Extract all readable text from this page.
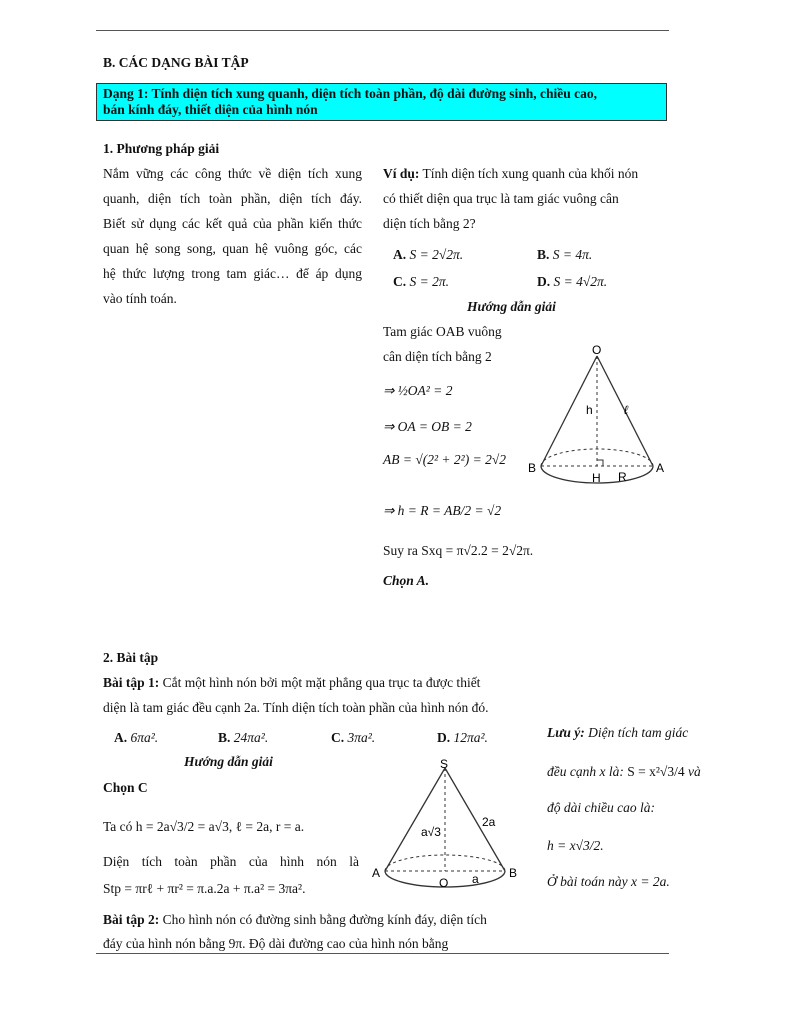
B. CÁC DẠNG BÀI TẬP
Dạng 1: Tính diện tích xung quanh, diện tích toàn phần, độ dài đường sinh, chiều cao,
bán kính đáy, thiết diện của hình nón
1. Phương pháp giải
Nắm vững các công thức về diện tích xung
quanh, diện tích toàn phần, diện tích đáy.
Biết sử dụng các kết quả của phần kiến thức
quan hệ song song, quan hệ vuông góc, các
hệ thức lượng trong tam giác… để áp dụng
vào tính toán.
Ví dụ: Tính diện tích xung quanh của khối nón
có thiết diện qua trục là tam giác vuông cân
diện tích bằng 2?
A. S = 2√2π.	B. S = 4π.
C. S = 2π.	D. S = 4√2π.
Hướng dẫn giải
Tam giác OAB vuông
cân diện tích bằng 2
⇒ ½OA² = 2
⇒ OA = OB = 2
AB = √(2² + 2²) = 2√2
⇒ h = R = AB/2 = √2
Suy ra Sxq = π√2.2 = 2√2π.
Chọn A.
O
h	ℓ
B
H R
A
2. Bài tập
Bài tập 1: Cắt một hình nón bởi một mặt phẳng qua trục ta được thiết
diện là tam giác đều cạnh 2a. Tính diện tích toàn phần của hình nón đó.
A. 6πa².	B. 24πa².	C. 3πa².	D. 12πa².
Hướng dẫn giải
Chọn C
Ta có h = 2a√3/2 = a√3, ℓ = 2a, r = a.
Diện tích toàn phần của hình nón là
Stp = πrℓ + πr² = π.a.2a + π.a² = 3πa².
S
a√3
2a
A
O a	B
Lưu ý: Diện tích tam giác
đều cạnh x là: S = x²√3/4 và
độ dài chiều cao là:
h = x√3/2.
Ở bài toán này x = 2a.
Bài tập 2: Cho hình nón có đường sinh bằng đường kính đáy, diện tích
đáy của hình nón bằng 9π. Độ dài đường cao của hình nón bằng
